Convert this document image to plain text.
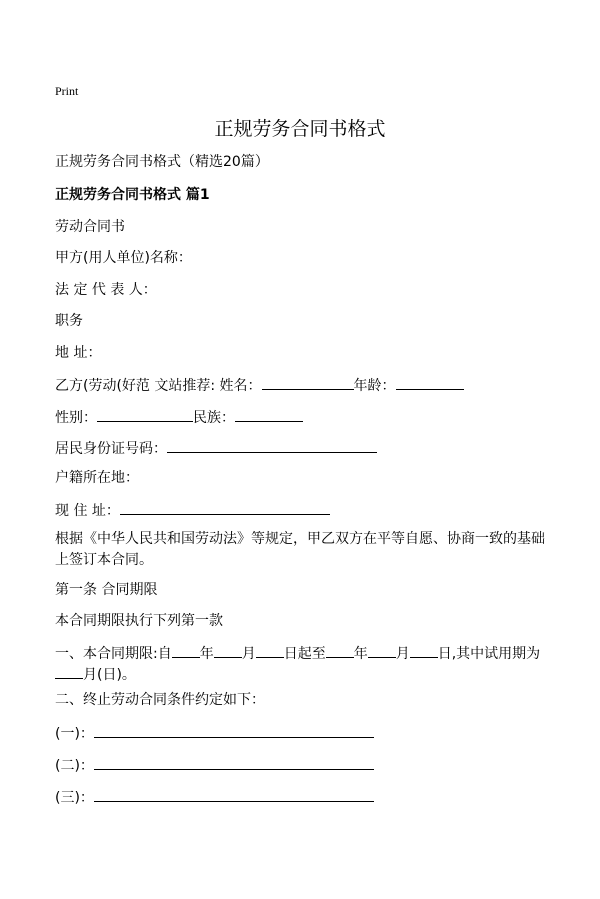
Print
正规劳务合同书格式
正规劳务合同书格式（精选20篇）
正规劳务合同书格式 篇1
劳动合同书
甲方(用人单位)名称：
法 定 代 表 人：
职务
地 址：
乙方(劳动(好范 文站推荐: 姓名：	年龄：
性别：	民族：
居民身份证号码：
户籍所在地：
现 住 址：
根据《中华人民共和国劳动法》等规定，甲乙双方在平等自愿、协商一致的基础上签订本合同。
第一条 合同期限
本合同期限执行下列第一款
一、本合同期限:自 年 月 日起至 年 月 日,其中试用期为
月(日)。
二、终止劳动合同条件约定如下：
(一)：
(二)：
(三)：
